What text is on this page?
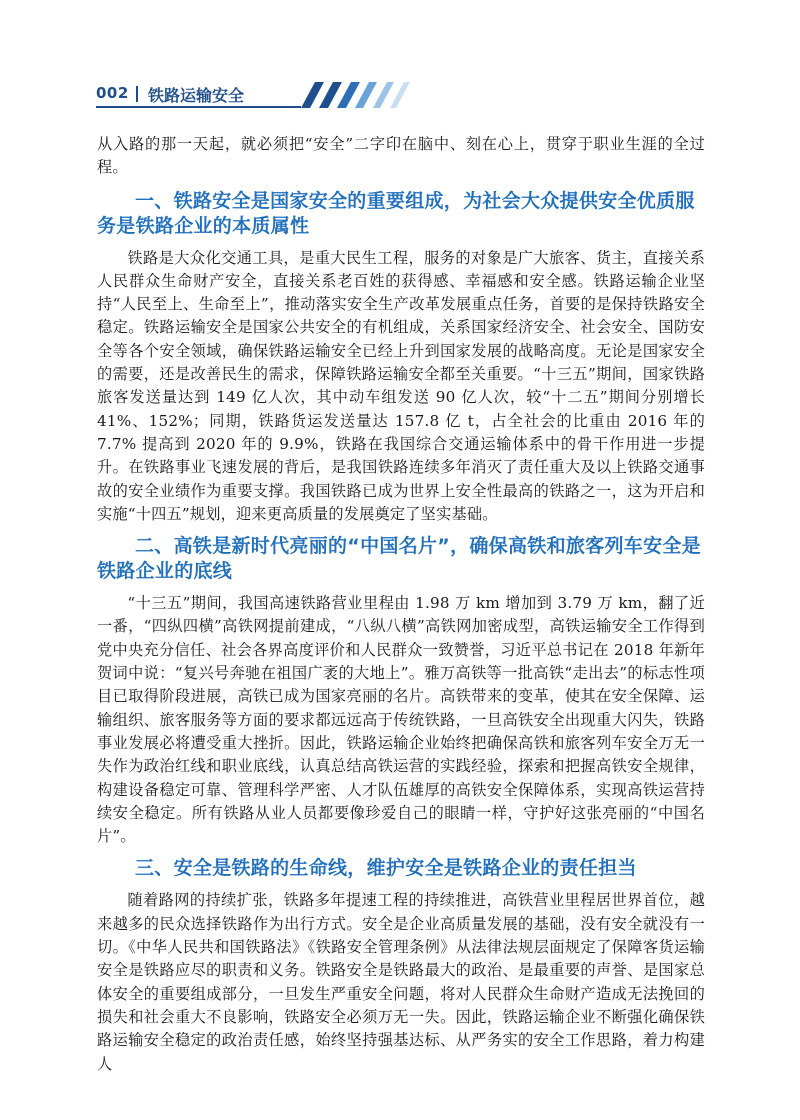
002 铁路运输安全

从入路的那一天起，就必须把“安全”二字印在脑中、刻在心上，贯穿于职业生涯的全过程。

一、铁路安全是国家安全的重要组成，为社会大众提供安全优质服务是铁路企业的本质属性

铁路是大众化交通工具，是重大民生工程，服务的对象是广大旅客、货主，直接关系人民群众生命财产安全，直接关系老百姓的获得感、幸福感和安全感。铁路运输企业坚持“人民至上、生命至上”，推动落实安全生产改革发展重点任务，首要的是保持铁路安全稳定。铁路运输安全是国家公共安全的有机组成，关系国家经济安全、社会安全、国防安全等各个安全领域，确保铁路运输安全已经上升到国家发展的战略高度。无论是国家安全的需要，还是改善民生的需求，保障铁路运输安全都至关重要。“十三五”期间，国家铁路旅客发送量达到 149 亿人次，其中动车组发送 90 亿人次，较“十二五”期间分别增长 41%、152%；同期，铁路货运发送量达 157.8 亿 t，占全社会的比重由 2016 年的 7.7% 提高到 2020 年的 9.9%，铁路在我国综合交通运输体系中的骨干作用进一步提升。在铁路事业飞速发展的背后，是我国铁路连续多年消灭了责任重大及以上铁路交通事故的安全业绩作为重要支撑。我国铁路已成为世界上安全性最高的铁路之一，这为开启和实施“十四五”规划，迎来更高质量的发展奠定了坚实基础。

二、高铁是新时代亮丽的“中国名片”，确保高铁和旅客列车安全是铁路企业的底线

“十三五”期间，我国高速铁路营业里程由 1.98 万 km 增加到 3.79 万 km，翻了近一番，“四纵四横”高铁网提前建成，“八纵八横”高铁网加密成型，高铁运输安全工作得到党中央充分信任、社会各界高度评价和人民群众一致赞誉，习近平总书记在 2018 年新年贺词中说：“复兴号奔驰在祖国广袤的大地上”。雅万高铁等一批高铁“走出去”的标志性项目已取得阶段进展，高铁已成为国家亮丽的名片。高铁带来的变革，使其在安全保障、运输组织、旅客服务等方面的要求都远远高于传统铁路，一旦高铁安全出现重大闪失，铁路事业发展必将遭受重大挫折。因此，铁路运输企业始终把确保高铁和旅客列车安全万无一失作为政治红线和职业底线，认真总结高铁运营的实践经验，探索和把握高铁安全规律，构建设备稳定可靠、管理科学严密、人才队伍雄厚的高铁安全保障体系，实现高铁运营持续安全稳定。所有铁路从业人员都要像珍爱自己的眼睛一样，守护好这张亮丽的“中国名片”。

三、安全是铁路的生命线，维护安全是铁路企业的责任担当

随着路网的持续扩张，铁路多年提速工程的持续推进，高铁营业里程居世界首位，越来越多的民众选择铁路作为出行方式。安全是企业高质量发展的基础，没有安全就没有一切。《中华人民共和国铁路法》《铁路安全管理条例》从法律法规层面规定了保障客货运输安全是铁路应尽的职责和义务。铁路安全是铁路最大的政治、是最重要的声誉、是国家总体安全的重要组成部分，一旦发生严重安全问题，将对人民群众生命财产造成无法挽回的损失和社会重大不良影响，铁路安全必须万无一失。因此，铁路运输企业不断强化确保铁路运输安全稳定的政治责任感，始终坚持强基达标、从严务实的安全工作思路，着力构建人
